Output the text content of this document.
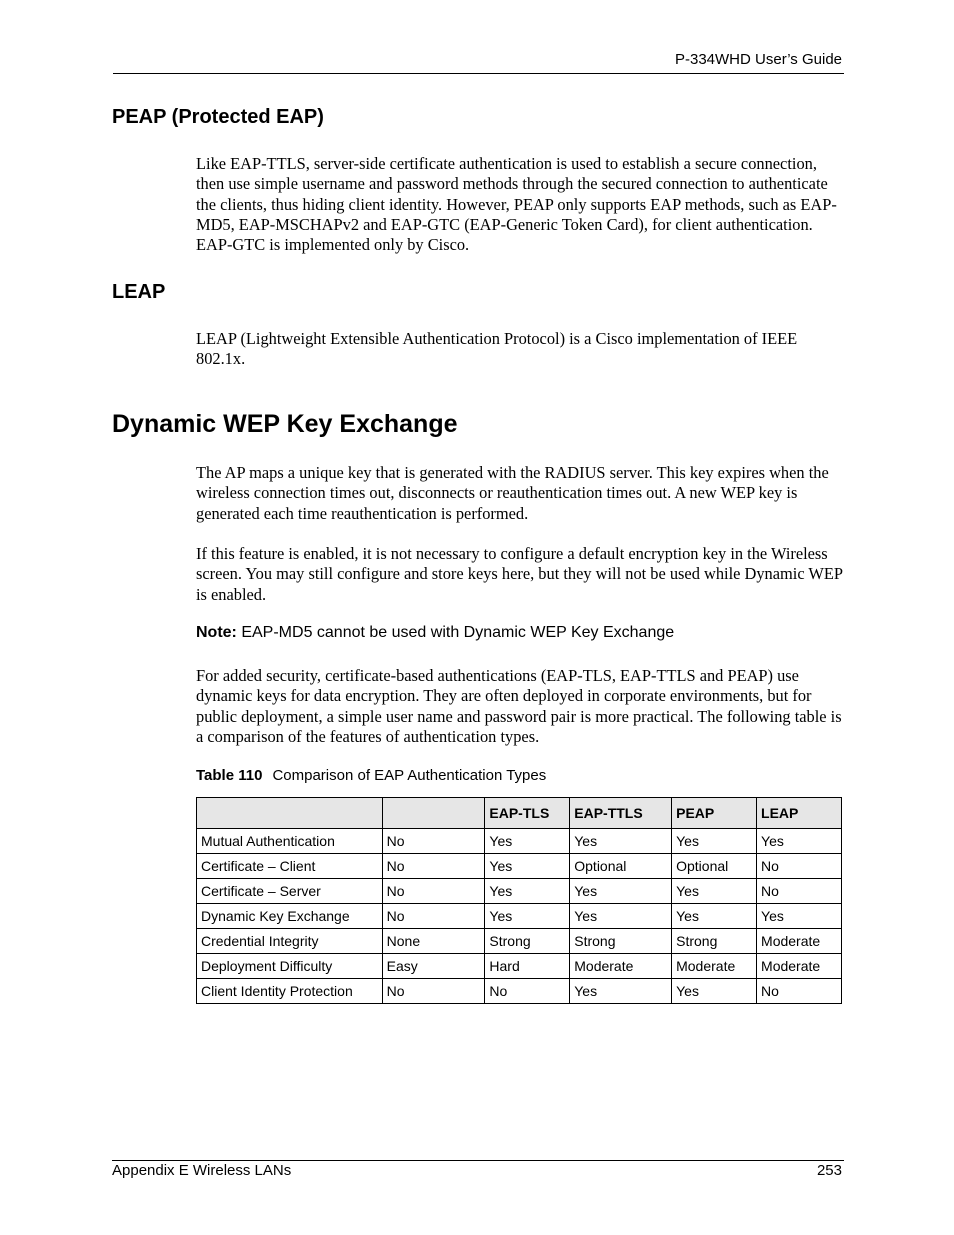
P-334WHD User’s Guide
PEAP (Protected EAP)

Like EAP-TTLS, server-side certificate authentication is used to establish a secure connection, then use simple username and password methods through the secured connection to authenticate the clients, thus hiding client identity. However, PEAP only supports EAP methods, such as EAP-MD5, EAP-MSCHAPv2 and EAP-GTC (EAP-Generic Token Card), for client authentication. EAP-GTC is implemented only by Cisco.

LEAP

LEAP (Lightweight Extensible Authentication Protocol) is a Cisco implementation of IEEE 802.1x.

Dynamic WEP Key Exchange

The AP maps a unique key that is generated with the RADIUS server. This key expires when the wireless connection times out, disconnects or reauthentication times out. A new WEP key is generated each time reauthentication is performed.

If this feature is enabled, it is not necessary to configure a default encryption key in the Wireless screen. You may still configure and store keys here, but they will not be used while Dynamic WEP is enabled.

Note: EAP-MD5 cannot be used with Dynamic WEP Key Exchange

For added security, certificate-based authentications (EAP-TLS, EAP-TTLS and PEAP) use dynamic keys for data encryption. They are often deployed in corporate environments, but for public deployment, a simple user name and password pair is more practical. The following table is a comparison of the features of authentication types.

Table 110 Comparison of EAP Authentication Types
		EAP-TLS	EAP-TTLS	PEAP	LEAP
Mutual Authentication	No	Yes	Yes	Yes	Yes
Certificate – Client	No	Yes	Optional	Optional	No
Certificate – Server	No	Yes	Yes	Yes	No
Dynamic Key Exchange	No	Yes	Yes	Yes	Yes
Credential Integrity	None	Strong	Strong	Strong	Moderate
Deployment Difficulty	Easy	Hard	Moderate	Moderate	Moderate
Client Identity Protection	No	No	Yes	Yes	No
Appendix E Wireless LANs	253
